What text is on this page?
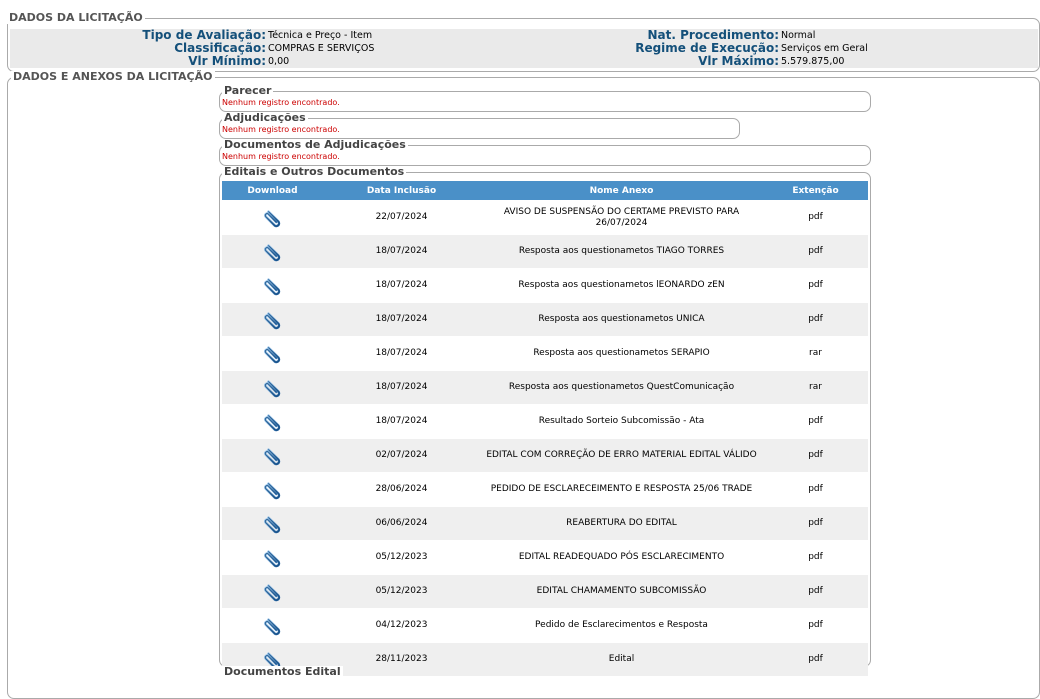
DADOS DA LICITAÇÃO
Tipo de Avaliação: Técnica e Preço - Item	Nat. Procedimento: Normal
Classificação: COMPRAS E SERVIÇOS	Regime de Execução: Serviços em Geral
Vlr Mínimo: 0,00	Vlr Máximo: 5.579.875,00
DADOS E ANEXOS DA LICITAÇÃO
Parecer
Nenhum registro encontrado.
Adjudicações
Nenhum registro encontrado.
Documentos de Adjudicações
Nenhum registro encontrado.
Editais e Outros Documentos
Download	Data Inclusão	Nome Anexo	Extenção
	22/07/2024	AVISO DE SUSPENSÃO DO CERTAME PREVISTO PARA 26/07/2024	pdf
	18/07/2024	Resposta aos questionametos TIAGO TORRES	pdf
	18/07/2024	Resposta aos questionametos lEONARDO zEN	pdf
	18/07/2024	Resposta aos questionametos UNICA	pdf
	18/07/2024	Resposta aos questionametos SERAPIO	rar
	18/07/2024	Resposta aos questionametos QuestComunicação	rar
	18/07/2024	Resultado Sorteio Subcomissão - Ata	pdf
	02/07/2024	EDITAL COM CORREÇÃO DE ERRO MATERIAL EDITAL VÁLIDO	pdf
	28/06/2024	PEDIDO DE ESCLARECEIMENTO E RESPOSTA 25/06 TRADE	pdf
	06/06/2024	REABERTURA DO EDITAL	pdf
	05/12/2023	EDITAL READEQUADO PÓS ESCLARECIMENTO	pdf
	05/12/2023	EDITAL CHAMAMENTO SUBCOMISSÃO	pdf
	04/12/2023	Pedido de Esclarecimentos e Resposta	pdf
	28/11/2023	Edital	pdf
Documentos Edital
